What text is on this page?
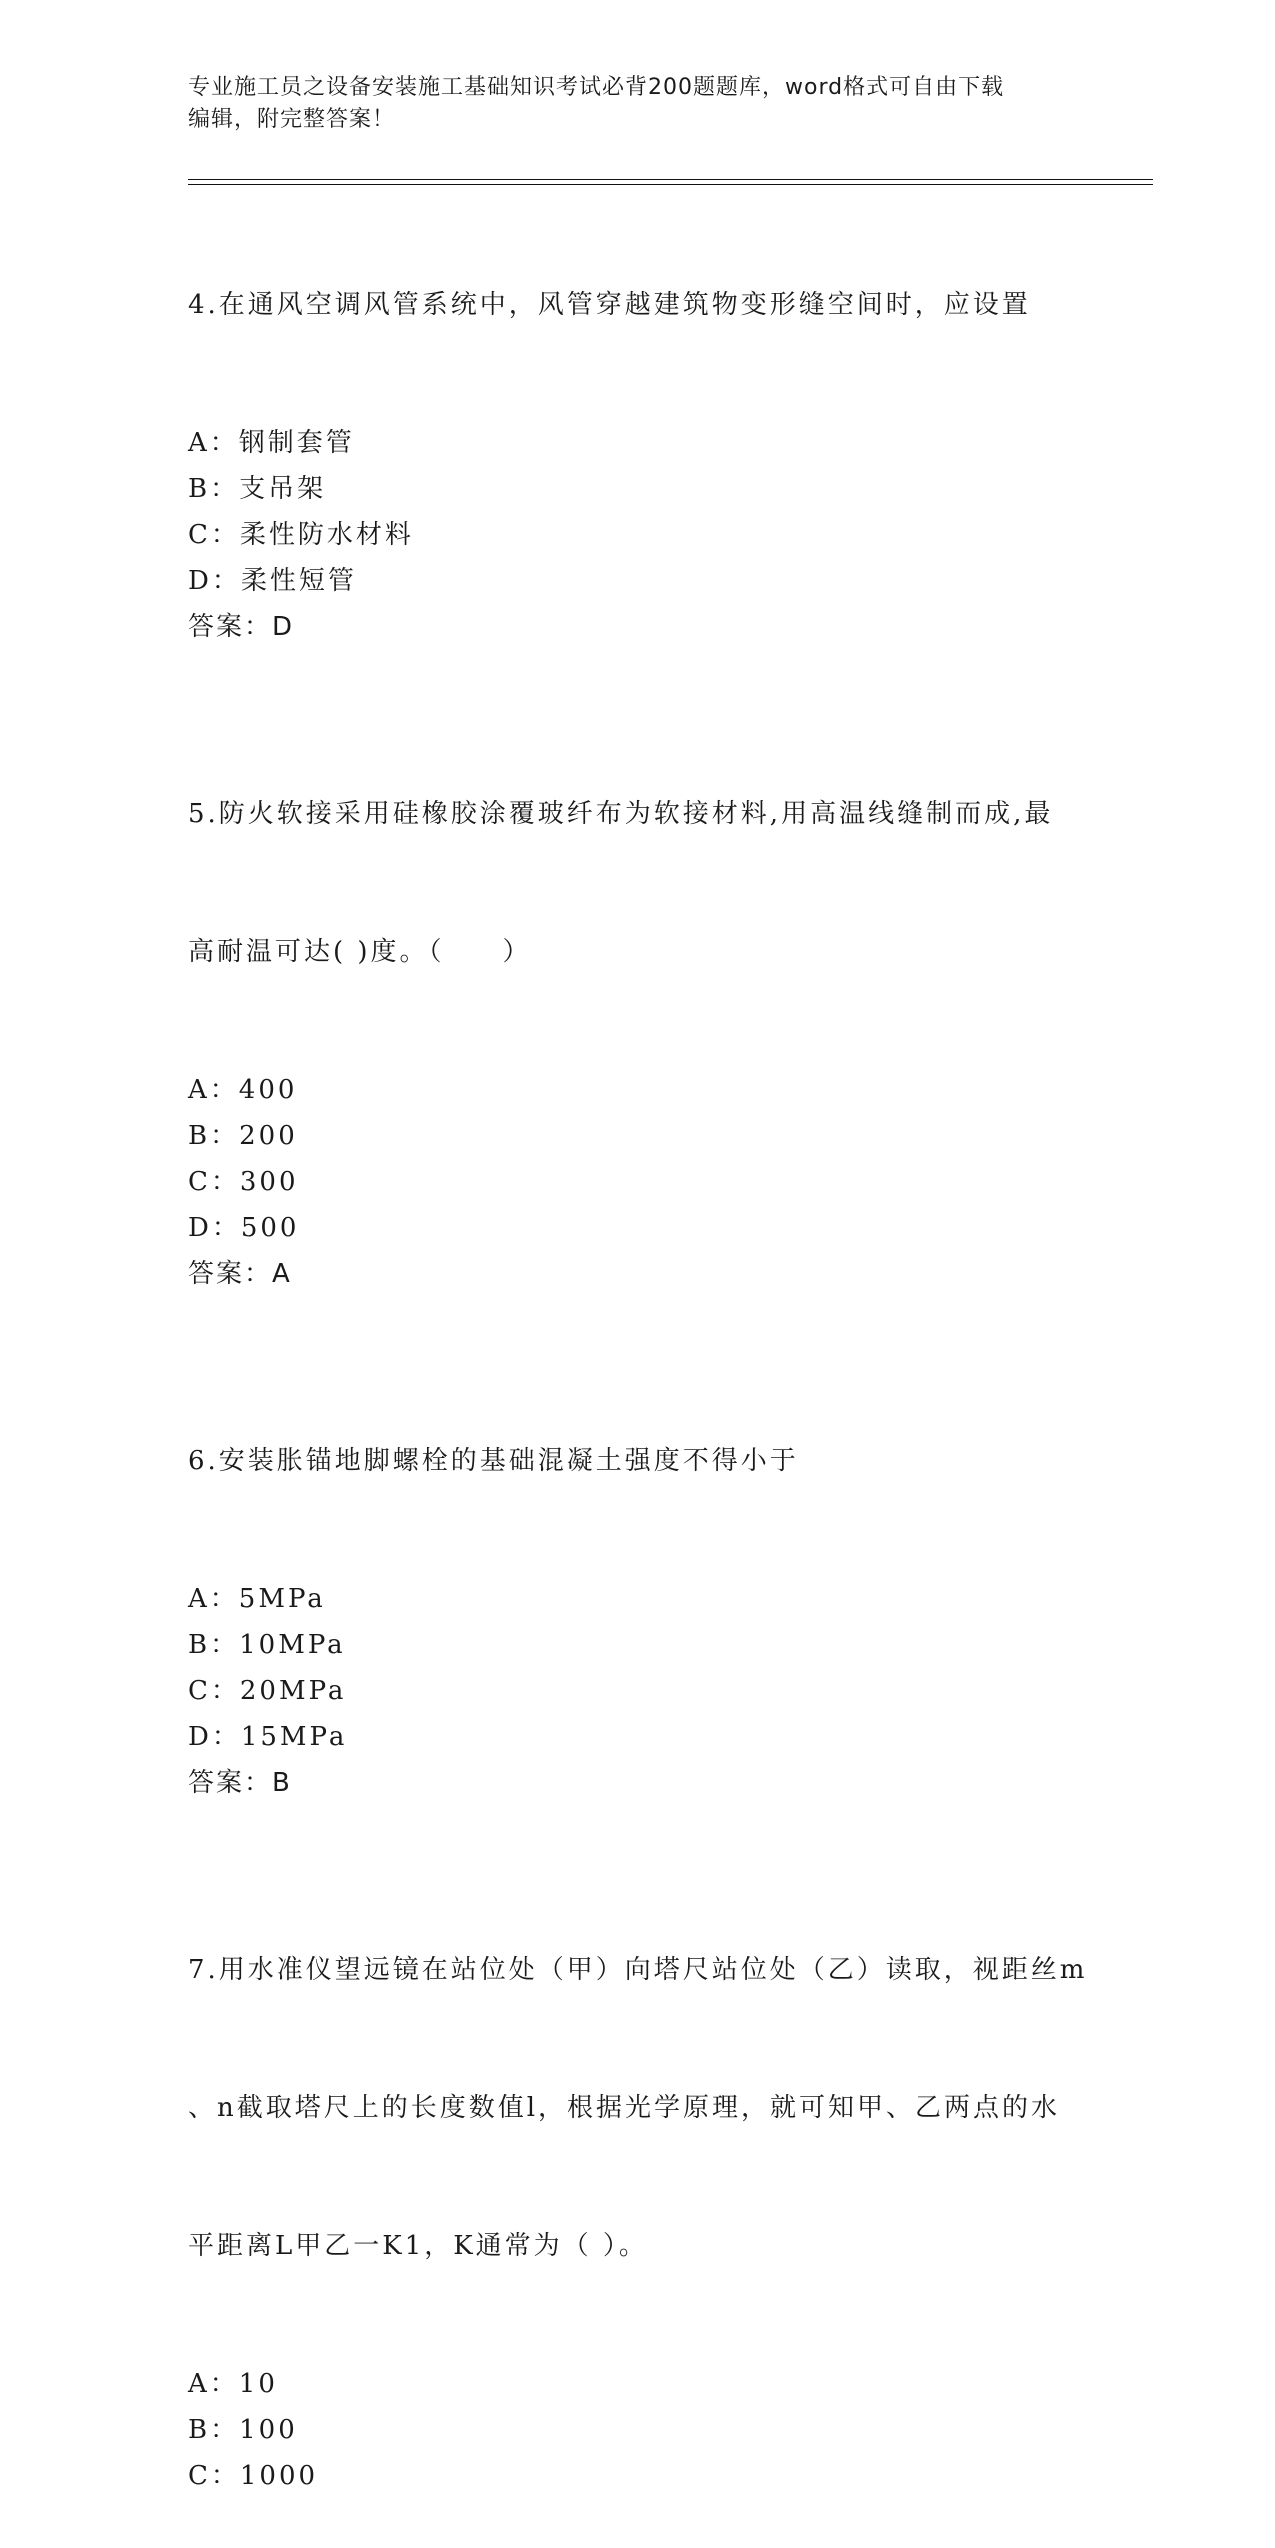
专业施工员之设备安装施工基础知识考试必背200题题库，word格式可自由下载
编辑，附完整答案！

4.在通风空调风管系统中，风管穿越建筑物变形缝空间时，应设置

A：钢制套管
B：支吊架
C：柔性防水材料
D：柔性短管
答案：D

5.防火软接采用硅橡胶涂覆玻纤布为软接材料,用高温线缝制而成,最

高耐温可达( )度。（　　）

A：400
B：200
C：300
D：500
答案：A

6.安装胀锚地脚螺栓的基础混凝土强度不得小于

A：5MPa
B：10MPa
C：20MPa
D：15MPa
答案：B

7.用水准仪望远镜在站位处（甲）向塔尺站位处（乙）读取，视距丝m

、n截取塔尺上的长度数值l，根据光学原理，就可知甲、乙两点的水

平距离L甲乙一K1，K通常为（ ）。

A：10
B：100
C：1000
